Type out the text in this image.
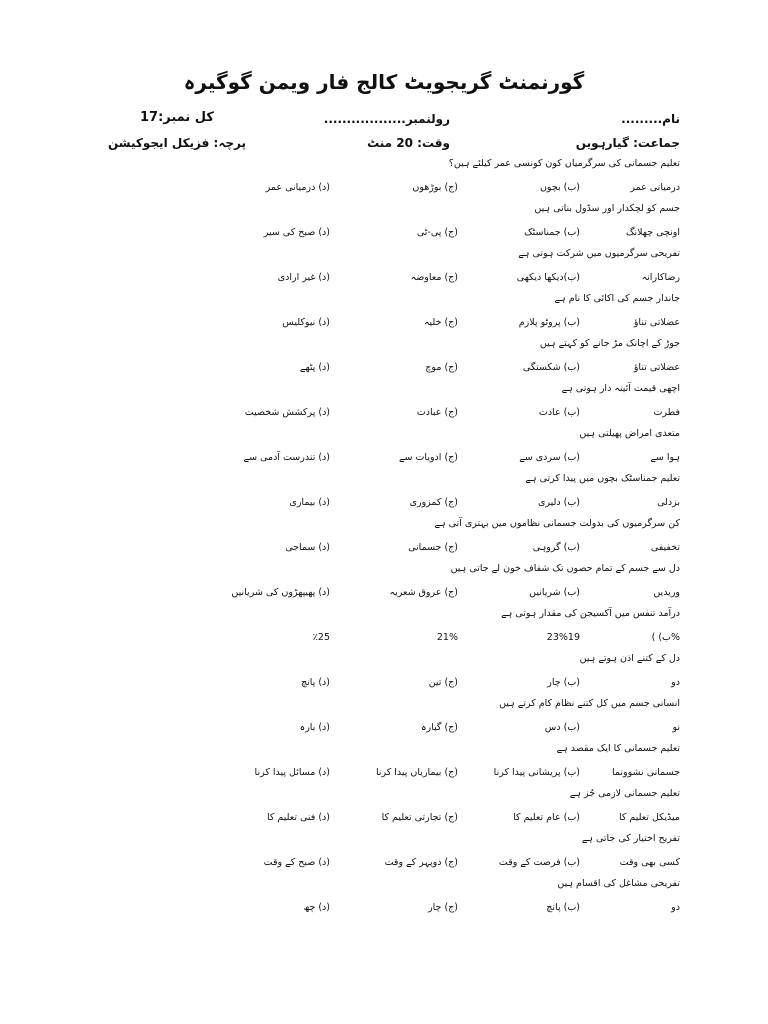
گورنمنٹ گریجویٹ کالج فار ویمن گوگیرہ
نام.........
رولنمبر..................
کل نمبر:17
جماعت: گیارہویں
وقت: 20 منٹ
پرچہ: فزیکل ایجوکیشن
تعلیم جسمانی کی سرگرمیاں کون کونسی عمر کیلئے ہیں؟
درمیانی عمر
(ب) بچوں
(ج) بوڑھوں
(د) درمیانی عمر
جسم کو لچکدار اور سڈول بناتی ہیں
اونچی چھلانگ
(ب) جمناسٹک
(ج) پی-ٹی
(د) صبح کی سیر
تفریحی سرگرمیوں میں شرکت ہوتی ہے
رضاکارانہ
(ب)دیکھا دیکھی
(ج) معاوضہ
(د) غیر ارادی
جاندار جسم کی اکائی کا نام ہے
عضلاتی تناؤ
(ب) پروٹو پلازم
(ج) خلیہ
(د) نیوکلیس
جوڑ کے اچانک مڑ جانے کو کہتے ہیں
عضلاتی تناؤ
(ب) شکستگی
(ج) موچ
(د) پٹھے
اچھی قیمت آئینہ دار ہوتی ہے
فطرت
(ب) عادت
(ج) عبادت
(د) پرکشش شخصیت
متعدی امراض پھیلتی ہیں
ہوا سے
(ب) سردی سے
(ج) ادویات سے
(د) تندرست آدمی سے
تعلیم جمناسٹک بچوں میں پیدا کرتی ہے
بزدلی
(ب) دلیری
(ج) کمزوری
(د) بیماری
کن سرگرمیوں کی بدولت جسمانی نظاموں میں بہتری آتی ہے
تخفیفی
(ب) گروہی
(ج) جسمانی
(د) سماجی
دل سے جسم کے تمام حصوں تک شفاف خون لے جاتی ہیں
وریدیں
(ب) شریانیں
(ج) عروق شعریہ
(د) پھیپھڑوں کی شریانیں
درآمد تنفس میں آکسیجن کی مقدار ہوتی ہے
%ب) )
23%19
21%
٪25
دل کے کتنے اذن ہوتے ہیں
دو
(ب) چار
(ج) تین
(د) پانچ
انسانی جسم میں کل کتنے نظام کام کرتے ہیں
نو
(ب) دس
(ج) گیارہ
(د) بارہ
تعلیم جسمانی کا ایک مقصد ہے
جسمانی نشوونما
(ب) پریشانی پیدا کرنا
(ج) بیماریاں پیدا کرنا
(د) مسائل پیدا کرنا
تعلیم جسمانی لازمی جُز ہے
میڈیکل تعلیم کا
(ب) عام تعلیم کا
(ج) تجارتی تعلیم کا
(د) فنی تعلیم کا
تفریح اختیار کی جاتی ہے
کسی بھی وقت
(ب) فرصت کے وقت
(ج) دوپہر کے وقت
(د) صبح کے وقت
تفریحی مشاغل کی اقسام ہیں
دو
(ب) پانچ
(ج) چار
(د) چھ
